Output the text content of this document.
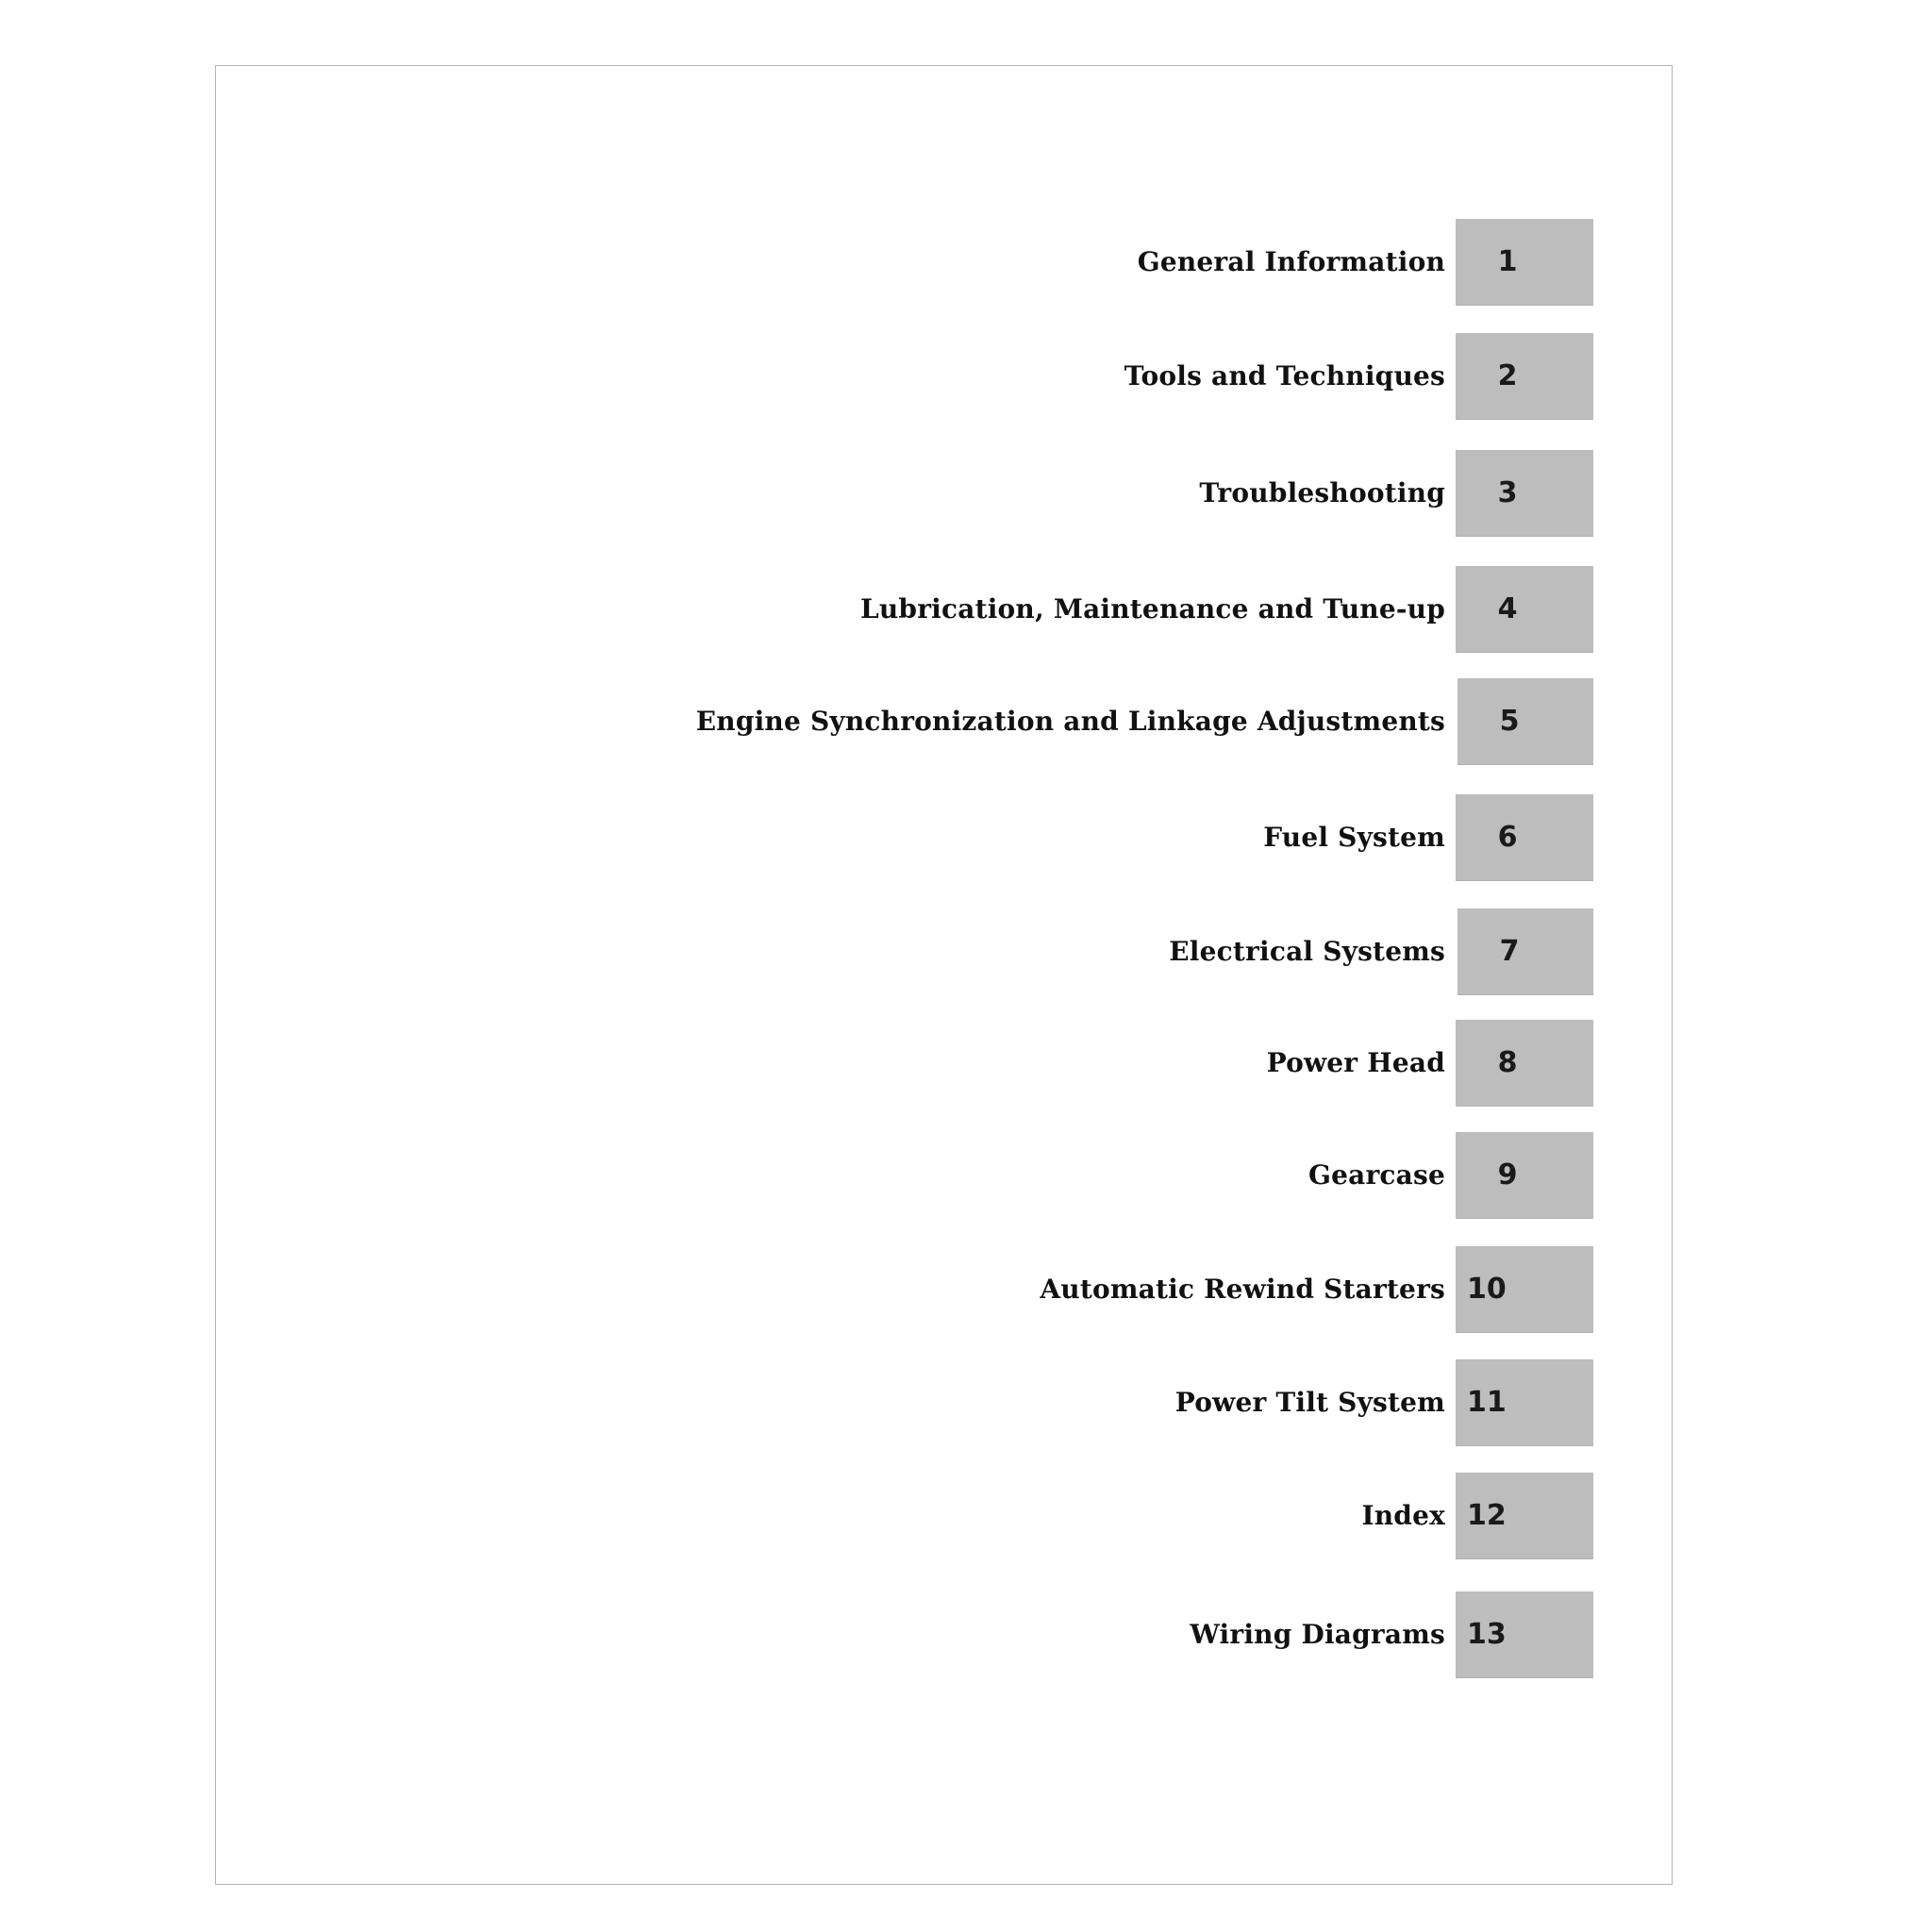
General Information	1
Tools and Techniques	2
Troubleshooting	3
Lubrication, Maintenance and Tune-up	4
Engine Synchronization and Linkage Adjustments	5
Fuel System	6
Electrical Systems	7
Power Head	8
Gearcase	9
Automatic Rewind Starters 10
Power Tilt System 11
Index 12
Wiring Diagrams 13
